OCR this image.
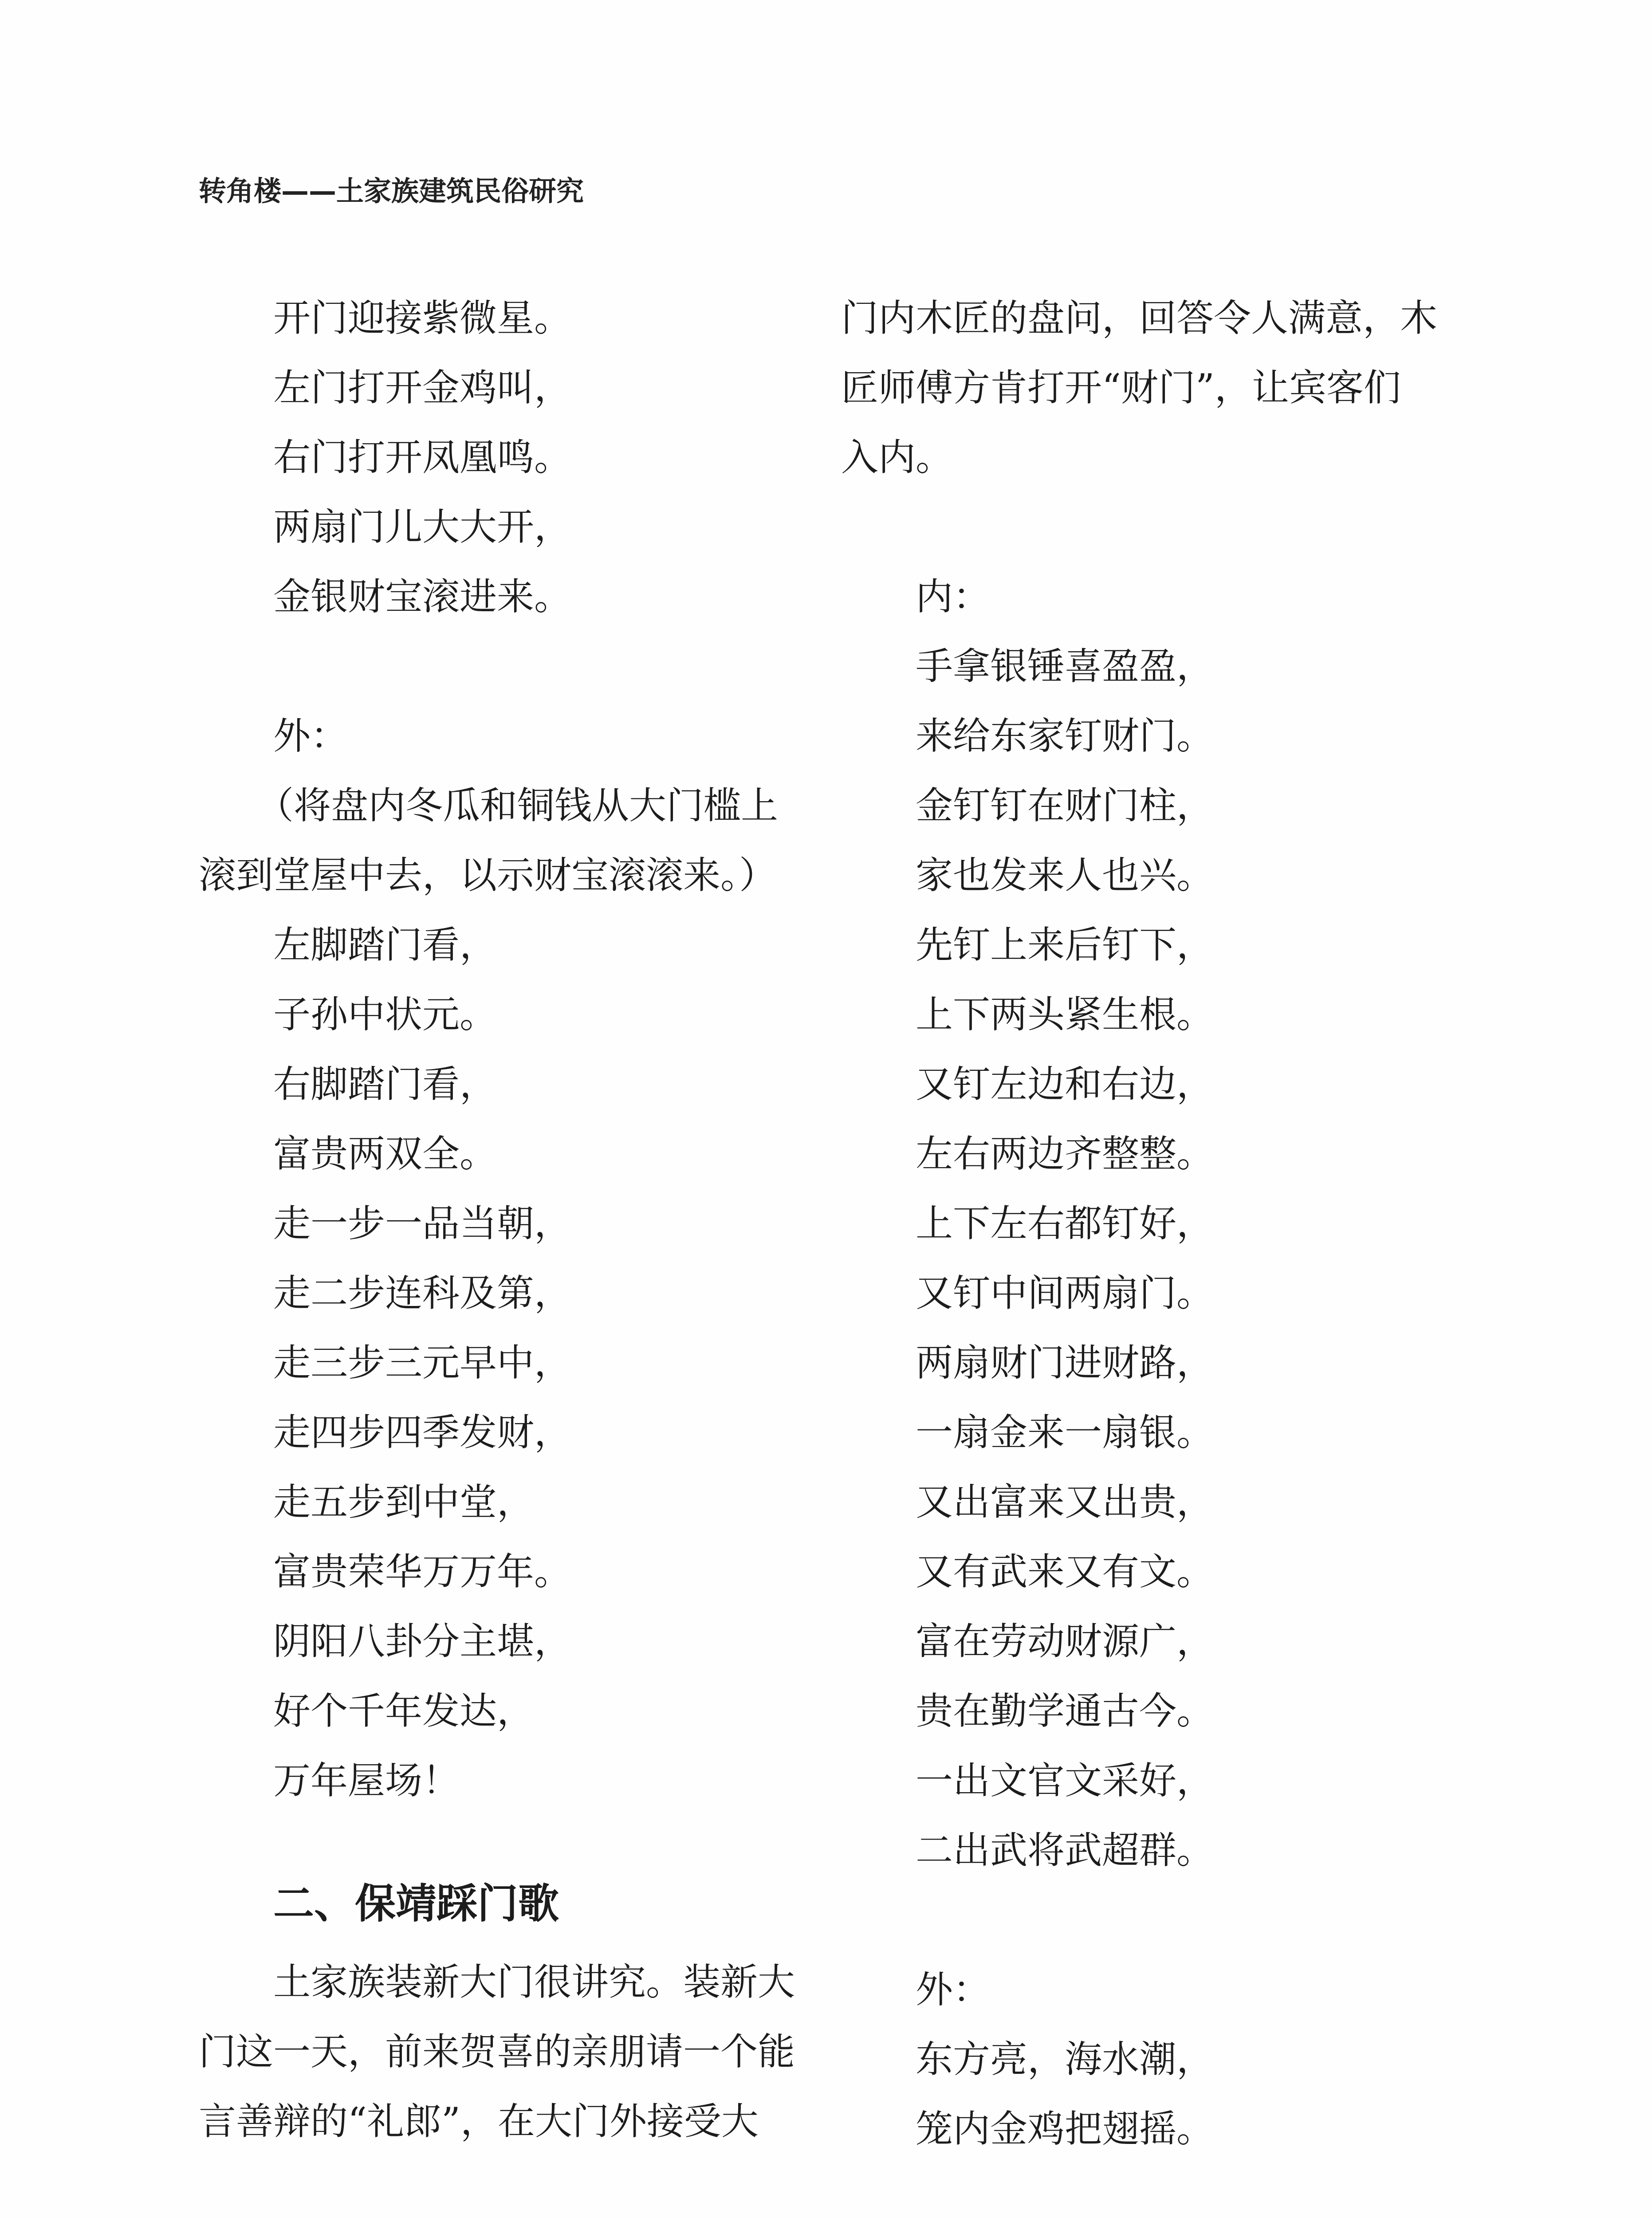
转角楼——土家族建筑民俗研究
开门迎接紫微星。
左门打开金鸡叫，
右门打开凤凰鸣。
两扇门儿大大开，
金银财宝滚进来。
外：
（将盘内冬瓜和铜钱从大门槛上
滚到堂屋中去，以示财宝滚滚来。）
左脚踏门看，
子孙中状元。
右脚踏门看，
富贵两双全。
走一步一品当朝，
走二步连科及第，
走三步三元早中，
走四步四季发财，
走五步到中堂，
富贵荣华万万年。
阴阳八卦分主堪，
好个千年发达，
万年屋场！
二、保靖踩门歌
土家族装新大门很讲究。装新大
门这一天，前来贺喜的亲朋请一个能
言善辩的“礼郎”，在大门外接受大
门内木匠的盘问，回答令人满意，木
匠师傅方肯打开“财门”，让宾客们
入内。
内：
手拿银锤喜盈盈，
来给东家钉财门。
金钉钉在财门柱，
家也发来人也兴。
先钉上来后钉下，
上下两头紧生根。
又钉左边和右边，
左右两边齐整整。
上下左右都钉好，
又钉中间两扇门。
两扇财门进财路，
一扇金来一扇银。
又出富来又出贵，
又有武来又有文。
富在劳动财源广，
贵在勤学通古今。
一出文官文采好，
二出武将武超群。
外：
东方亮，海水潮，
笼内金鸡把翅摇。
